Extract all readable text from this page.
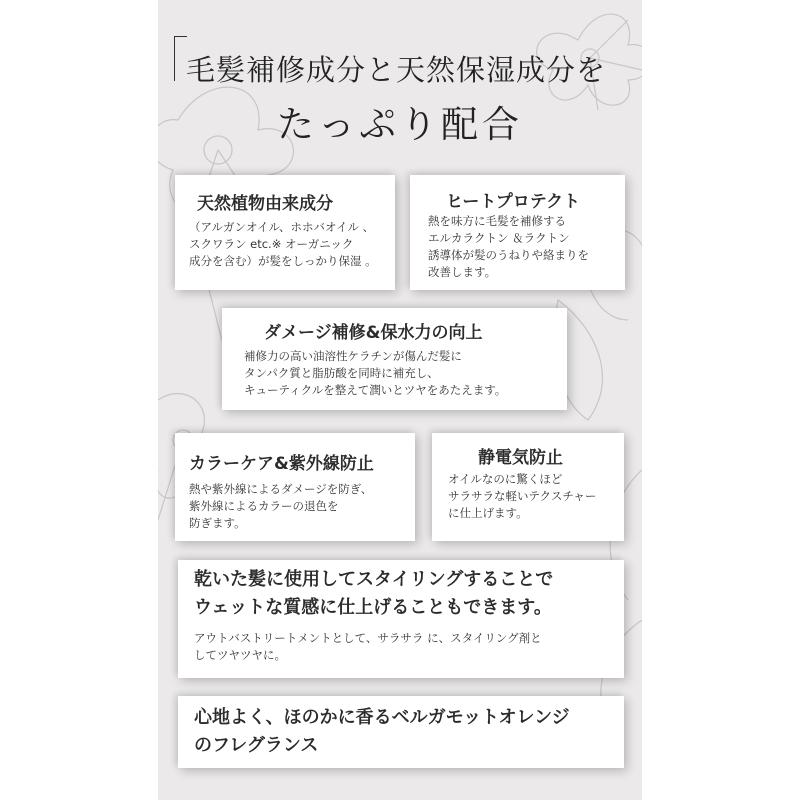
毛髪補修成分と天然保湿成分を
たっぷり配合
天然植物由来成分
（アルガンオイル、ホホバオイル 、
スクワラン etc.※ オーガニック
成分を含む）が髪をしっかり保湿 。
ヒートプロテクト
熱を味方に毛髪を補修する
エルカラクトン ＆ラクトン
誘導体が髪のうねりや絡まりを
改善します。
ダメージ補修&保水力の向上
補修力の高い油溶性ケラチンが傷んだ髪に
タンパク質と脂肪酸を同時に補充し、
キューティクルを整えて潤いとツヤをあたえます。
カラーケア&紫外線防止
熱や紫外線によるダメージを防ぎ、
紫外線によるカラーの退色を
防ぎます。
静電気防止
オイルなのに驚くほど
サラサラな軽いテクスチャー
に仕上げます。
乾いた髪に使用してスタイリングすることで
ウェットな質感に仕上げることもできます。
アウトバストリートメントとして、サラサラ に、スタイリング剤と
してツヤツヤに。
心地よく、ほのかに香るベルガモットオレンジ
のフレグランス
